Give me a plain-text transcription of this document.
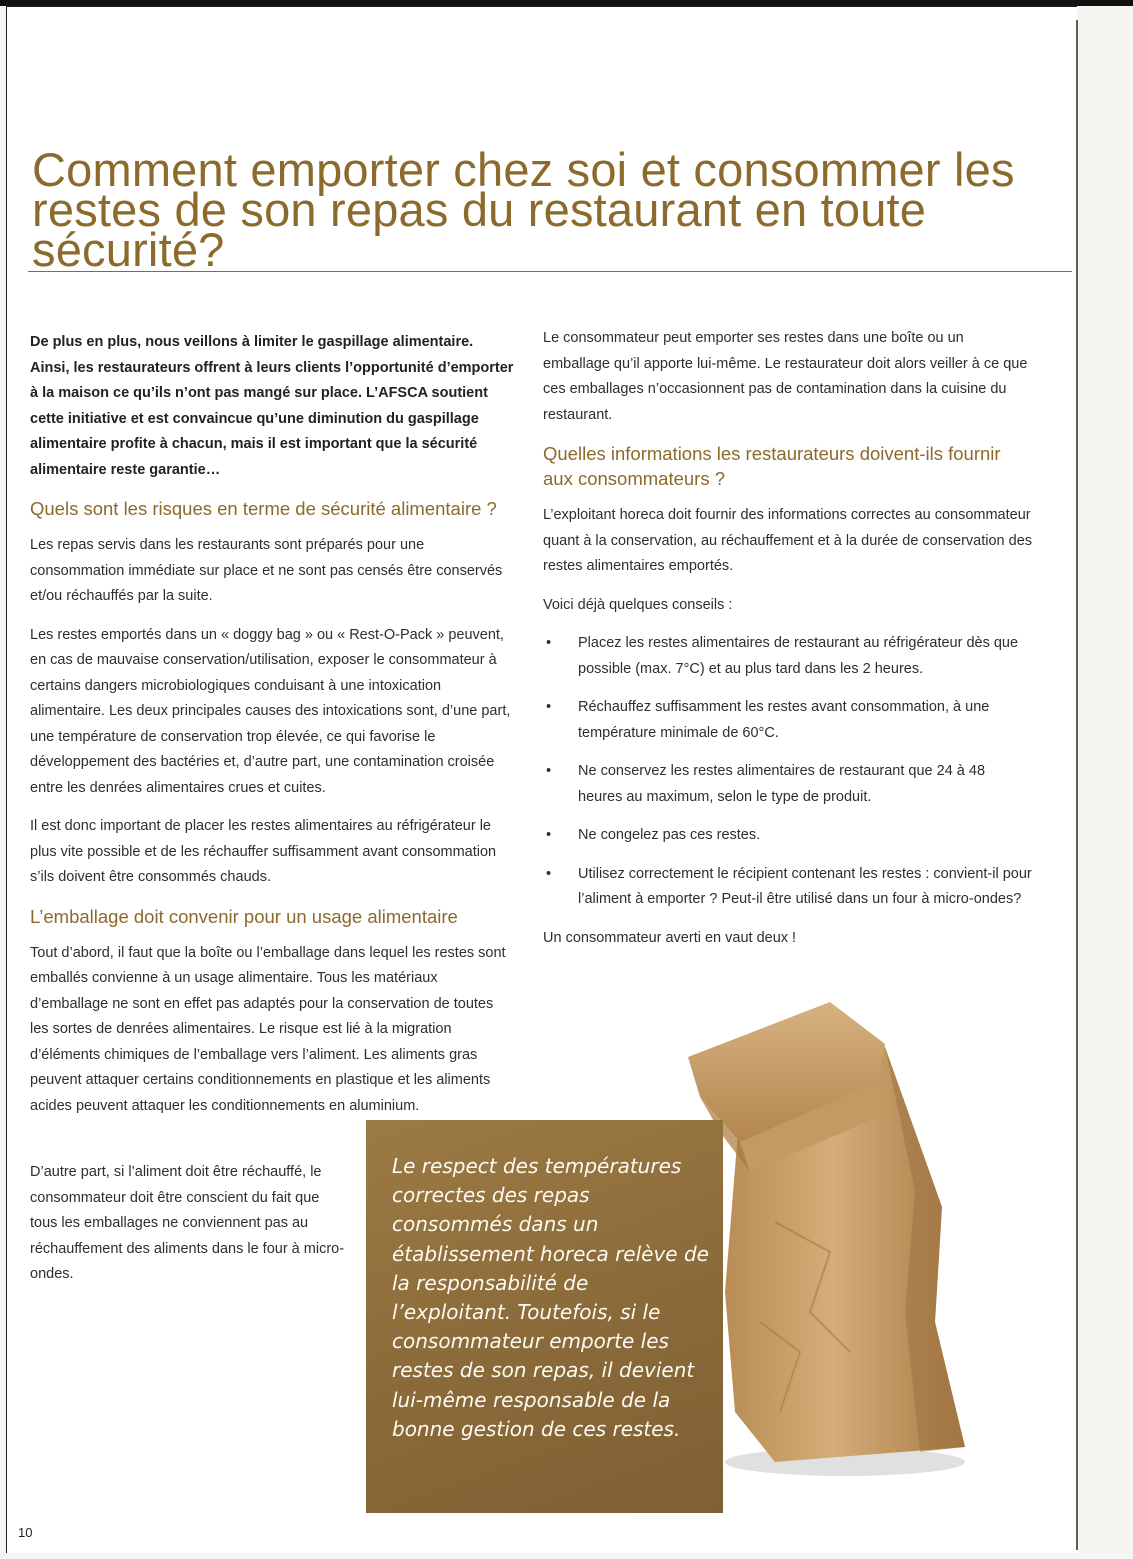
Comment emporter chez soi et consommer les restes de son repas du restaurant en toute sécurité?

De plus en plus, nous veillons à limiter le gaspillage alimentaire. Ainsi, les restaurateurs offrent à leurs clients l’opportunité d’emporter à la maison ce qu’ils n’ont pas mangé sur place. L’AFSCA soutient cette initiative et est convaincue qu’une diminution du gaspillage alimentaire profite à chacun, mais il est important que la sécurité alimentaire reste garantie…

Quels sont les risques en terme de sécurité alimentaire ?

Les repas servis dans les restaurants sont préparés pour une consommation immédiate sur place et ne sont pas censés être conservés et/ou réchauffés par la suite.

Les restes emportés dans un « doggy bag » ou « Rest-O-Pack » peuvent, en cas de mauvaise conservation/utilisation, exposer le consommateur à certains dangers microbiologiques conduisant à une intoxication alimentaire. Les deux principales causes des intoxications sont, d’une part, une température de conservation trop élevée, ce qui favorise le développement des bactéries et, d’autre part, une contamination croisée entre les denrées alimentaires crues et cuites.

Il est donc important de placer les restes alimentaires au réfrigérateur le plus vite possible et de les réchauffer suffisamment avant consommation s’ils doivent être consommés chauds.

L’emballage doit convenir pour un usage alimentaire

Tout d’abord, il faut que la boîte ou l’emballage dans lequel les restes sont emballés convienne à un usage alimentaire. Tous les matériaux d’emballage ne sont en effet pas adaptés pour la conservation de toutes les sortes de denrées alimentaires. Le risque est lié à la migration d’éléments chimiques de l’emballage vers l’aliment. Les aliments gras peuvent attaquer certains conditionnements en plastique et les aliments acides peuvent attaquer les conditionnements en aluminium.

D’autre part, si l’aliment doit être réchauffé, le consommateur doit être conscient du fait que tous les emballages ne conviennent pas au réchauffement des aliments dans le four à micro-ondes.

Le consommateur peut emporter ses restes dans une boîte ou un emballage qu’il apporte lui-même. Le restaurateur doit alors veiller à ce que ces emballages n’occasionnent pas de contamination dans la cuisine du restaurant.

Quelles informations les restaurateurs doivent-ils fournir aux consommateurs ?

L’exploitant horeca doit fournir des informations correctes au consommateur quant à la conservation, au réchauffement et à la durée de conservation des restes alimentaires emportés.

Voici déjà quelques conseils :

• Placez les restes alimentaires de restaurant au réfrigérateur dès que possible (max. 7°C) et au plus tard dans les 2 heures.
• Réchauffez suffisamment les restes avant consommation, à une température minimale de 60°C.
• Ne conservez les restes alimentaires de restaurant que 24 à 48 heures au maximum, selon le type de produit.
• Ne congelez pas ces restes.
• Utilisez correctement le récipient contenant les restes : convient-il pour l’aliment à emporter ? Peut-il être utilisé dans un four à micro-ondes?

Un consommateur averti en vaut deux !

Le respect des températures correctes des repas consommés dans un établissement horeca relève de la responsabilité de l’exploitant. Toutefois, si le consommateur emporte les restes de son repas, il devient lui-même responsable de la bonne gestion de ces restes.

10
